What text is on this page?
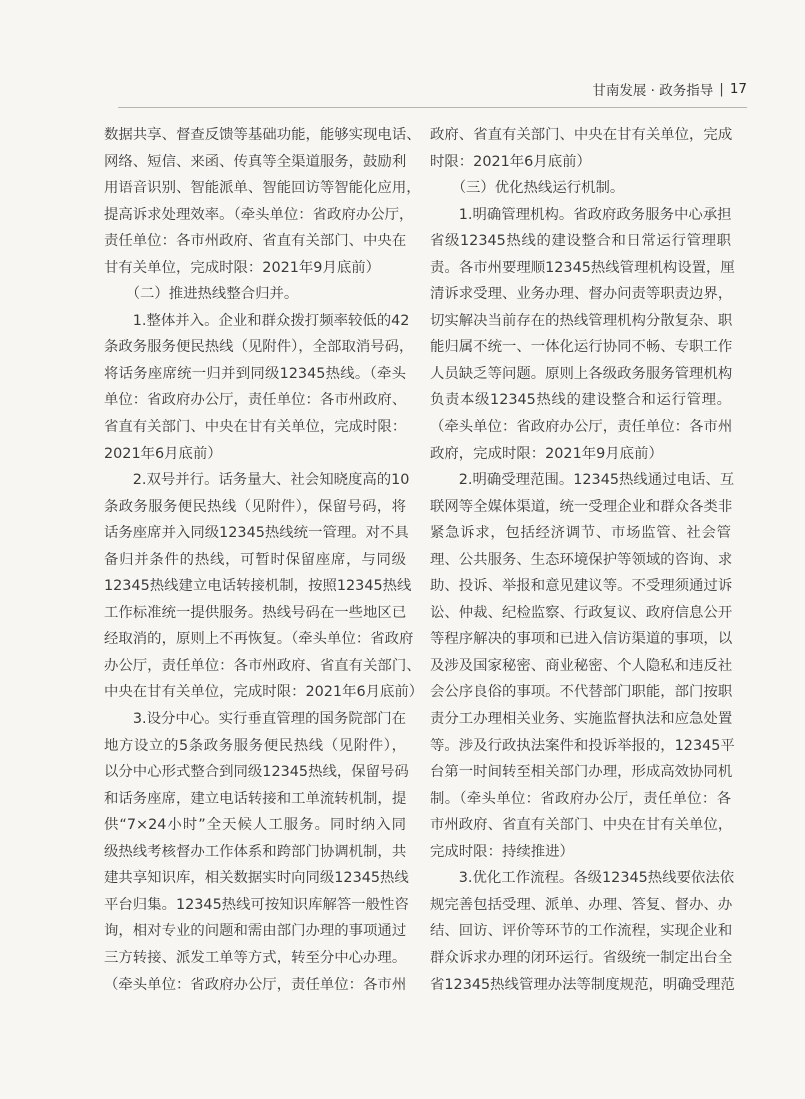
甘南发展 · 政务指导 | 17
数据共享、督查反馈等基础功能，能够实现电话、
网络、短信、来函、传真等全渠道服务，鼓励利
用语音识别、智能派单、智能回访等智能化应用，
提高诉求处理效率。（牵头单位：省政府办公厅，
责任单位：各市州政府、省直有关部门、中央在
甘有关单位，完成时限：2021年9月底前）
　　（二）推进热线整合归并。
　　1.整体并入。企业和群众拨打频率较低的42
条政务服务便民热线（见附件），全部取消号码，
将话务座席统一归并到同级12345热线。（牵头
单位：省政府办公厅，责任单位：各市州政府、
省直有关部门、中央在甘有关单位，完成时限：
2021年6月底前）
　　2.双号并行。话务量大、社会知晓度高的10
条政务服务便民热线（见附件），保留号码，将
话务座席并入同级12345热线统一管理。对不具
备归并条件的热线，可暂时保留座席，与同级
12345热线建立电话转接机制，按照12345热线
工作标准统一提供服务。热线号码在一些地区已
经取消的，原则上不再恢复。（牵头单位：省政府
办公厅，责任单位：各市州政府、省直有关部门、
中央在甘有关单位，完成时限：2021年6月底前）
　　3.设分中心。实行垂直管理的国务院部门在
地方设立的5条政务服务便民热线（见附件），
以分中心形式整合到同级12345热线，保留号码
和话务座席，建立电话转接和工单流转机制，提
供“7×24小时”全天候人工服务。同时纳入同
级热线考核督办工作体系和跨部门协调机制，共
建共享知识库，相关数据实时向同级12345热线
平台归集。12345热线可按知识库解答一般性咨
询，相对专业的问题和需由部门办理的事项通过
三方转接、派发工单等方式，转至分中心办理。
（牵头单位：省政府办公厅，责任单位：各市州
政府、省直有关部门、中央在甘有关单位，完成
时限：2021年6月底前）
　　（三）优化热线运行机制。
　　1.明确管理机构。省政府政务服务中心承担
省级12345热线的建设整合和日常运行管理职
责。各市州要理顺12345热线管理机构设置，厘
清诉求受理、业务办理、督办问责等职责边界，
切实解决当前存在的热线管理机构分散复杂、职
能归属不统一、一体化运行协同不畅、专职工作
人员缺乏等问题。原则上各级政务服务管理机构
负责本级12345热线的建设整合和运行管理。
（牵头单位：省政府办公厅，责任单位：各市州
政府，完成时限：2021年9月底前）
　　2.明确受理范围。12345热线通过电话、互
联网等全媒体渠道，统一受理企业和群众各类非
紧急诉求，包括经济调节、市场监管、社会管
理、公共服务、生态环境保护等领域的咨询、求
助、投诉、举报和意见建议等。不受理须通过诉
讼、仲裁、纪检监察、行政复议、政府信息公开
等程序解决的事项和已进入信访渠道的事项，以
及涉及国家秘密、商业秘密、个人隐私和违反社
会公序良俗的事项。不代替部门职能，部门按职
责分工办理相关业务、实施监督执法和应急处置
等。涉及行政执法案件和投诉举报的，12345平
台第一时间转至相关部门办理，形成高效协同机
制。（牵头单位：省政府办公厅，责任单位：各
市州政府、省直有关部门、中央在甘有关单位，
完成时限：持续推进）
　　3.优化工作流程。各级12345热线要依法依
规完善包括受理、派单、办理、答复、督办、办
结、回访、评价等环节的工作流程，实现企业和
群众诉求办理的闭环运行。省级统一制定出台全
省12345热线管理办法等制度规范，明确受理范
